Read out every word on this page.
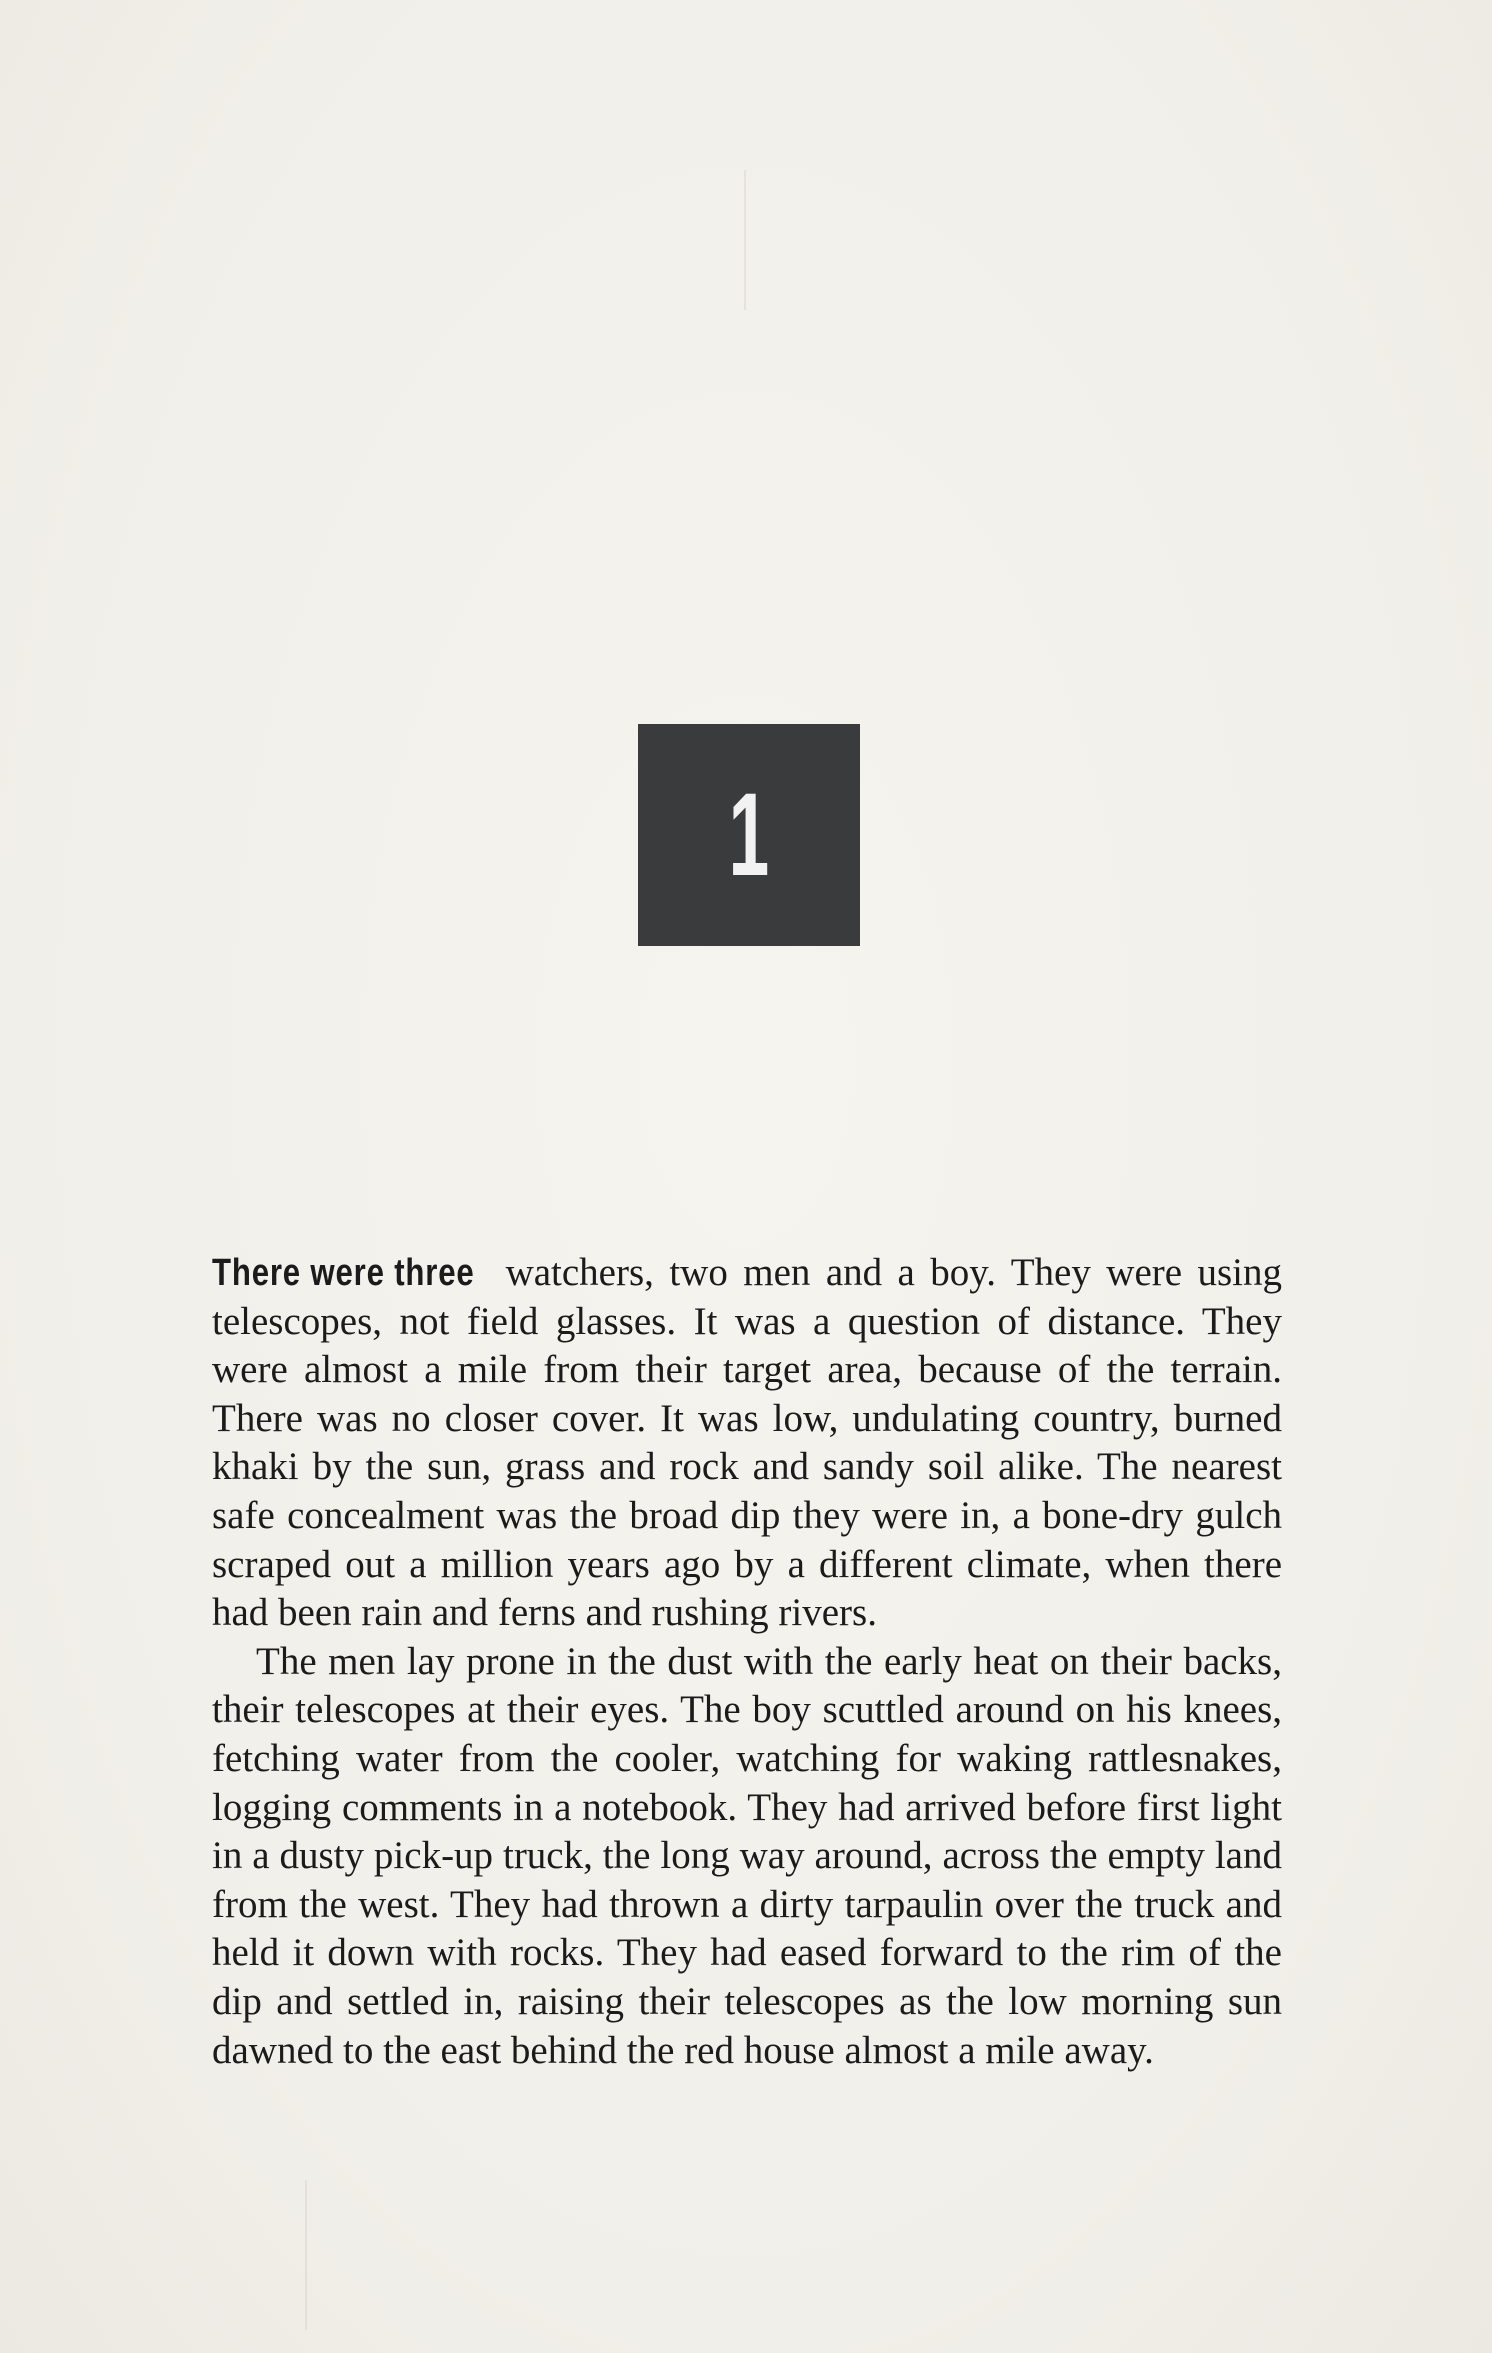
1

There were three watchers, two men and a boy. They were using telescopes, not field glasses. It was a question of distance. They were almost a mile from their target area, because of the terrain. There was no closer cover. It was low, undulating country, burned khaki by the sun, grass and rock and sandy soil alike. The nearest safe concealment was the broad dip they were in, a bone-dry gulch scraped out a million years ago by a different climate, when there had been rain and ferns and rushing rivers.

The men lay prone in the dust with the early heat on their backs, their telescopes at their eyes. The boy scuttled around on his knees, fetching water from the cooler, watching for waking rattlesnakes, logging comments in a notebook. They had arrived before first light in a dusty pick-up truck, the long way around, across the empty land from the west. They had thrown a dirty tarpaulin over the truck and held it down with rocks. They had eased forward to the rim of the dip and settled in, raising their telescopes as the low morning sun dawned to the east behind the red house almost a mile away.
